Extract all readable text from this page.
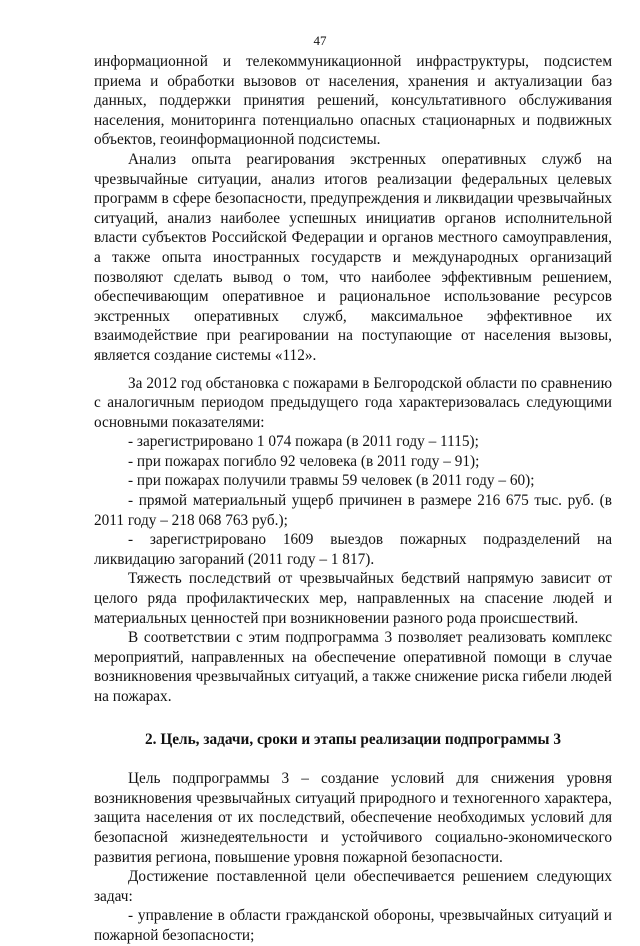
47

информационной и телекоммуникационной инфраструктуры, подсистем приема и обработки вызовов от населения, хранения и актуализации баз данных, поддержки принятия решений, консультативного обслуживания населения, мониторинга потенциально опасных стационарных и подвижных объектов, геоинформационной подсистемы.

Анализ опыта реагирования экстренных оперативных служб на чрезвычайные ситуации, анализ итогов реализации федеральных целевых программ в сфере безопасности, предупреждения и ликвидации чрезвычайных ситуаций, анализ наиболее успешных инициатив органов исполнительной власти субъектов Российской Федерации и органов местного самоуправления, а также опыта иностранных государств и международных организаций позволяют сделать вывод о том, что наиболее эффективным решением, обеспечивающим оперативное и рациональное использование ресурсов экстренных оперативных служб, максимальное эффективное их взаимодействие при реагировании на поступающие от населения вызовы, является создание системы «112».

За 2012 год обстановка с пожарами в Белгородской области по сравнению с аналогичным периодом предыдущего года характеризовалась следующими основными показателями:

- зарегистрировано 1 074 пожара (в 2011 году – 1115);

- при пожарах погибло 92 человека (в 2011 году – 91);

- при пожарах получили травмы 59 человек (в 2011 году – 60);

- прямой материальный ущерб причинен в размере 216 675 тыс. руб. (в 2011 году – 218 068 763 руб.);

- зарегистрировано 1609 выездов пожарных подразделений на ликвидацию загораний (2011 году – 1 817).

Тяжесть последствий от чрезвычайных бедствий напрямую зависит от целого ряда профилактических мер, направленных на спасение людей и материальных ценностей при возникновении разного рода происшествий.

В соответствии с этим подпрограмма 3 позволяет реализовать комплекс мероприятий, направленных на обеспечение оперативной помощи в случае возникновения чрезвычайных ситуаций, а также снижение риска гибели людей на пожарах.

2. Цель, задачи, сроки и этапы реализации подпрограммы 3

Цель подпрограммы 3 – создание условий для снижения уровня возникновения чрезвычайных ситуаций природного и техногенного характера, защита населения от их последствий, обеспечение необходимых условий для безопасной жизнедеятельности и устойчивого социально-экономического развития региона, повышение уровня пожарной безопасности.

Достижение поставленной цели обеспечивается решением следующих задач:

- управление в области гражданской обороны, чрезвычайных ситуаций и пожарной безопасности;
